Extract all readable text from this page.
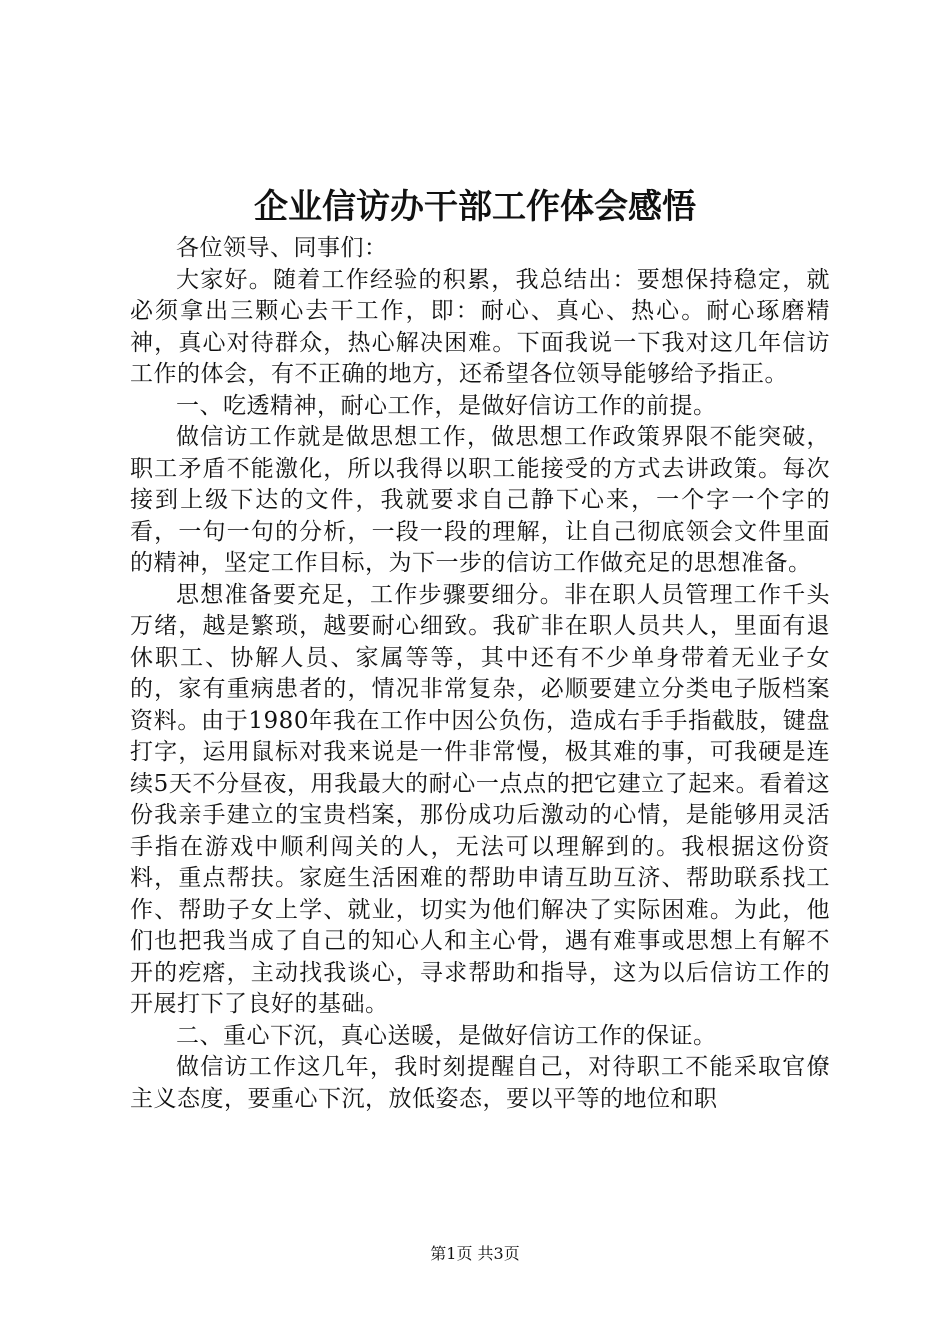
企业信访办干部工作体会感悟

各位领导、同事们：

大家好。随着工作经验的积累，我总结出：要想保持稳定，就必须拿出三颗心去干工作，即：耐心、真心、热心。耐心琢磨精神，真心对待群众，热心解决困难。下面我说一下我对这几年信访工作的体会，有不正确的地方，还希望各位领导能够给予指正。

一、吃透精神，耐心工作，是做好信访工作的前提。

做信访工作就是做思想工作，做思想工作政策界限不能突破，职工矛盾不能激化，所以我得以职工能接受的方式去讲政策。每次接到上级下达的文件，我就要求自己静下心来，一个字一个字的看，一句一句的分析，一段一段的理解，让自己彻底领会文件里面的精神，坚定工作目标，为下一步的信访工作做充足的思想准备。

思想准备要充足，工作步骤要细分。非在职人员管理工作千头万绪，越是繁琐，越要耐心细致。我矿非在职人员共人，里面有退休职工、协解人员、家属等等，其中还有不少单身带着无业子女的，家有重病患者的，情况非常复杂，必顺要建立分类电子版档案资料。由于1980年我在工作中因公负伤，造成右手手指截肢，键盘打字，运用鼠标对我来说是一件非常慢，极其难的事，可我硬是连续5天不分昼夜，用我最大的耐心一点点的把它建立了起来。看着这份我亲手建立的宝贵档案，那份成功后激动的心情，是能够用灵活手指在游戏中顺利闯关的人，无法可以理解到的。我根据这份资料，重点帮扶。家庭生活困难的帮助申请互助互济、帮助联系找工作、帮助子女上学、就业，切实为他们解决了实际困难。为此，他们也把我当成了自己的知心人和主心骨，遇有难事或思想上有解不开的疙瘩，主动找我谈心，寻求帮助和指导，这为以后信访工作的开展打下了良好的基础。

二、重心下沉，真心送暖，是做好信访工作的保证。

做信访工作这几年，我时刻提醒自己，对待职工不能采取官僚主义态度，要重心下沉，放低姿态，要以平等的地位和职

第1页 共3页
